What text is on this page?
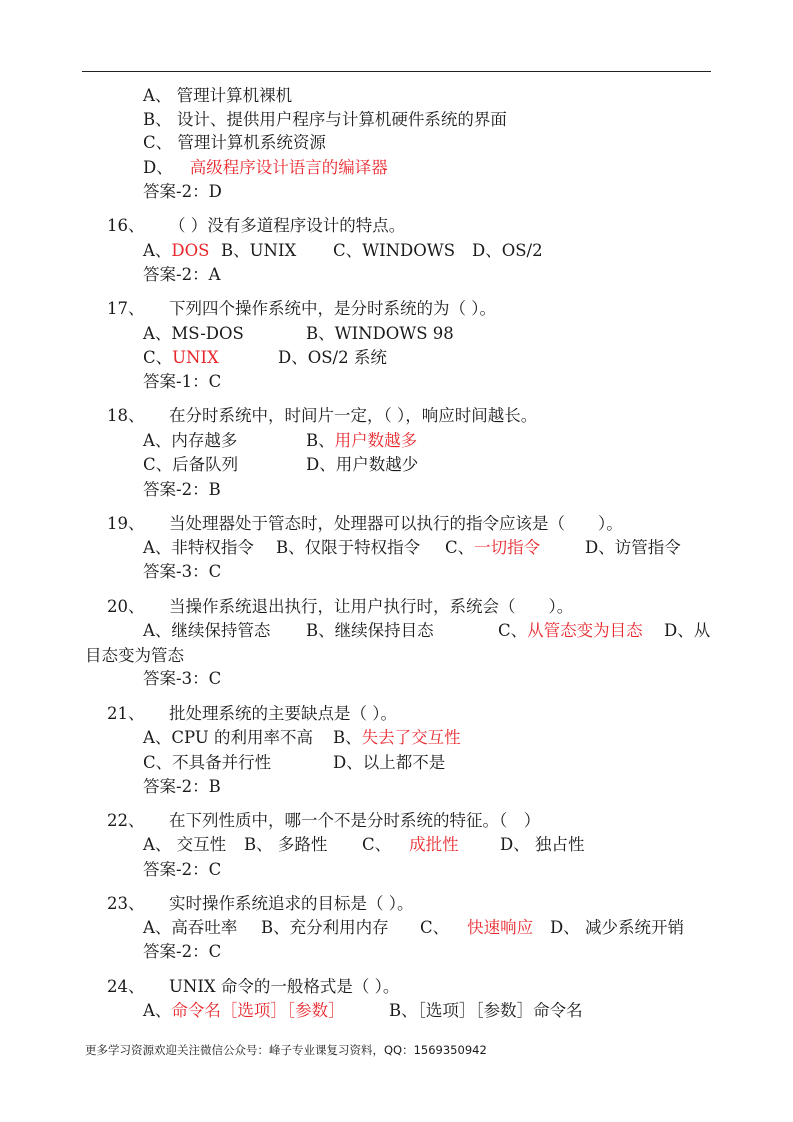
A、 管理计算机裸机
B、 设计、提供用户程序与计算机硬件系统的界面
C、 管理计算机系统资源
D、 高级程序设计语言的编译器
答案-2：D
16、 （ ）没有多道程序设计的特点。
A、DOS B、UNIX C、WINDOWS D、OS/2
答案-2：A
17、 下列四个操作系统中，是分时系统的为（ ）。
A、MS-DOS	B、WINDOWS 98
C、UNIX	D、OS/2 系统
答案-1：C
18、 在分时系统中，时间片一定，（ ），响应时间越长。
A、内存越多	B、用户数越多
C、后备队列	D、用户数越少
答案-2：B
19、 当处理器处于管态时，处理器可以执行的指令应该是（　　）。
A、非特权指令 B、仅限于特权指令 C、一切指令	D、访管指令
答案-3：C
20、 当操作系统退出执行，让用户执行时，系统会（　　）。
A、继续保持管态 B、继续保持目态	C、从管态变为目态 D、从
目态变为管态
答案-3：C
21、 批处理系统的主要缺点是（ ）。
A、CPU 的利用率不高 B、失去了交互性
C、不具备并行性	D、以上都不是
答案-2：B
22、 在下列性质中，哪一个不是分时系统的特征。（　）
A、 交互性 B、 多路性 C、 成批性	D、 独占性
答案-2：C
23、 实时操作系统追求的目标是（ ）。
A、高吞吐率 B、充分利用内存 C、 快速响应 D、 减少系统开销
答案-2：C
24、 UNIX 命令的一般格式是（ ）。
A、命令名［选项］［参数］	B、［选项］［参数］命令名
更多学习资源欢迎关注微信公众号：峰子专业课复习资料，QQ：1569350942
